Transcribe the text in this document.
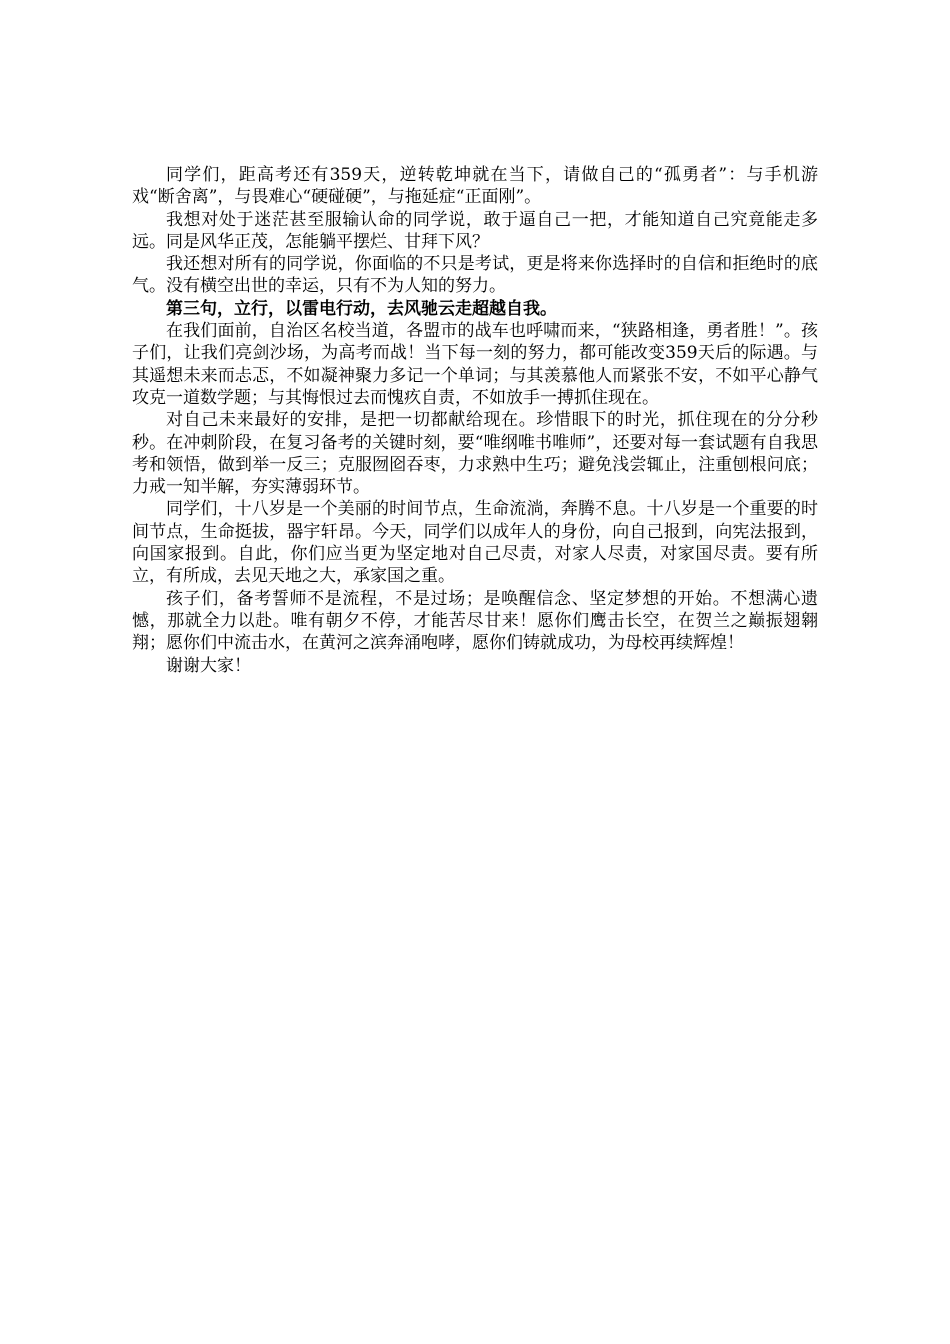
同学们，距高考还有359天，逆转乾坤就在当下，请做自己的“孤勇者”：与手机游戏“断舍离”，与畏难心“硬碰硬”，与拖延症“正面刚”。

我想对处于迷茫甚至服输认命的同学说，敢于逼自己一把，才能知道自己究竟能走多远。同是风华正茂，怎能躺平摆烂、甘拜下风？

我还想对所有的同学说，你面临的不只是考试，更是将来你选择时的自信和拒绝时的底气。没有横空出世的幸运，只有不为人知的努力。

第三句，立行，以雷电行动，去风驰云走超越自我。

在我们面前，自治区名校当道，各盟市的战车也呼啸而来，“狭路相逢，勇者胜！”。孩子们，让我们亮剑沙场，为高考而战！当下每一刻的努力，都可能改变359天后的际遇。与其遥想未来而忐忑，不如凝神聚力多记一个单词；与其羡慕他人而紧张不安，不如平心静气攻克一道数学题；与其悔恨过去而愧疚自责，不如放手一搏抓住现在。

对自己未来最好的安排，是把一切都献给现在。珍惜眼下的时光，抓住现在的分分秒秒。在冲刺阶段，在复习备考的关键时刻，要“唯纲唯书唯师”，还要对每一套试题有自我思考和领悟，做到举一反三；克服囫囵吞枣，力求熟中生巧；避免浅尝辄止，注重刨根问底；力戒一知半解，夯实薄弱环节。

同学们，十八岁是一个美丽的时间节点，生命流淌，奔腾不息。十八岁是一个重要的时间节点，生命挺拔，器宇轩昂。今天，同学们以成年人的身份，向自己报到，向宪法报到，向国家报到。自此，你们应当更为坚定地对自己尽责，对家人尽责，对家国尽责。要有所立，有所成，去见天地之大，承家国之重。

孩子们，备考誓师不是流程，不是过场；是唤醒信念、坚定梦想的开始。不想满心遗憾，那就全力以赴。唯有朝夕不停，才能苦尽甘来！愿你们鹰击长空，在贺兰之巅振翅翱翔；愿你们中流击水，在黄河之滨奔涌咆哮，愿你们铸就成功，为母校再续辉煌！

谢谢大家！
